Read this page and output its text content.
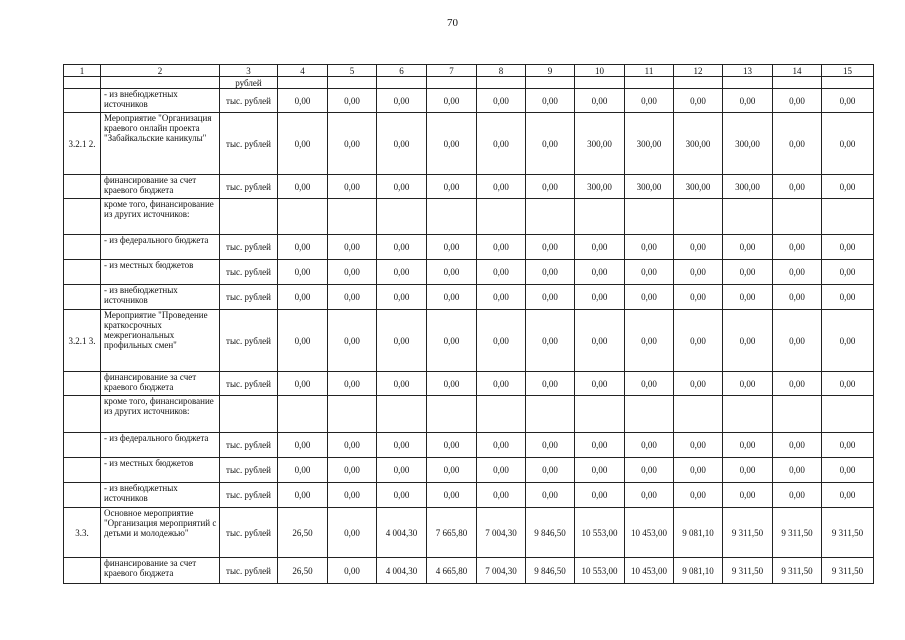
70
1	2	3	4	5	6	7	8	9	10	11	12	13	14	15
		рублей												
	- из внебюджетных источников	тыс. рублей	0,00	0,00	0,00	0,00	0,00	0,00	0,00	0,00	0,00	0,00	0,00	0,00
3.2.1 2.	Мероприятие "Организация краевого онлайн проекта "Забайкальские каникулы"	тыс. рублей	0,00	0,00	0,00	0,00	0,00	0,00	300,00	300,00	300,00	300,00	0,00	0,00
	финансирование за счет краевого бюджета	тыс. рублей	0,00	0,00	0,00	0,00	0,00	0,00	300,00	300,00	300,00	300,00	0,00	0,00
	кроме того, финансирование из других источников:													
	- из федерального бюджета	тыс. рублей	0,00	0,00	0,00	0,00	0,00	0,00	0,00	0,00	0,00	0,00	0,00	0,00
	- из местных бюджетов	тыс. рублей	0,00	0,00	0,00	0,00	0,00	0,00	0,00	0,00	0,00	0,00	0,00	0,00
	- из внебюджетных источников	тыс. рублей	0,00	0,00	0,00	0,00	0,00	0,00	0,00	0,00	0,00	0,00	0,00	0,00
3.2.1 3.	Мероприятие "Проведение краткосрочных межрегиональных профильных смен"	тыс. рублей	0,00	0,00	0,00	0,00	0,00	0,00	0,00	0,00	0,00	0,00	0,00	0,00
	финансирование за счет краевого бюджета	тыс. рублей	0,00	0,00	0,00	0,00	0,00	0,00	0,00	0,00	0,00	0,00	0,00	0,00
	кроме того, финансирование из других источников:													
	- из федерального бюджета	тыс. рублей	0,00	0,00	0,00	0,00	0,00	0,00	0,00	0,00	0,00	0,00	0,00	0,00
	- из местных бюджетов	тыс. рублей	0,00	0,00	0,00	0,00	0,00	0,00	0,00	0,00	0,00	0,00	0,00	0,00
	- из внебюджетных источников	тыс. рублей	0,00	0,00	0,00	0,00	0,00	0,00	0,00	0,00	0,00	0,00	0,00	0,00
3.3.	Основное мероприятие "Организация мероприятий с детьми и молодежью"	тыс. рублей	26,50	0,00	4 004,30	7 665,80	7 004,30	9 846,50	10 553,00	10 453,00	9 081,10	9 311,50	9 311,50	9 311,50
	финансирование за счет краевого бюджета	тыс. рублей	26,50	0,00	4 004,30	4 665,80	7 004,30	9 846,50	10 553,00	10 453,00	9 081,10	9 311,50	9 311,50	9 311,50
